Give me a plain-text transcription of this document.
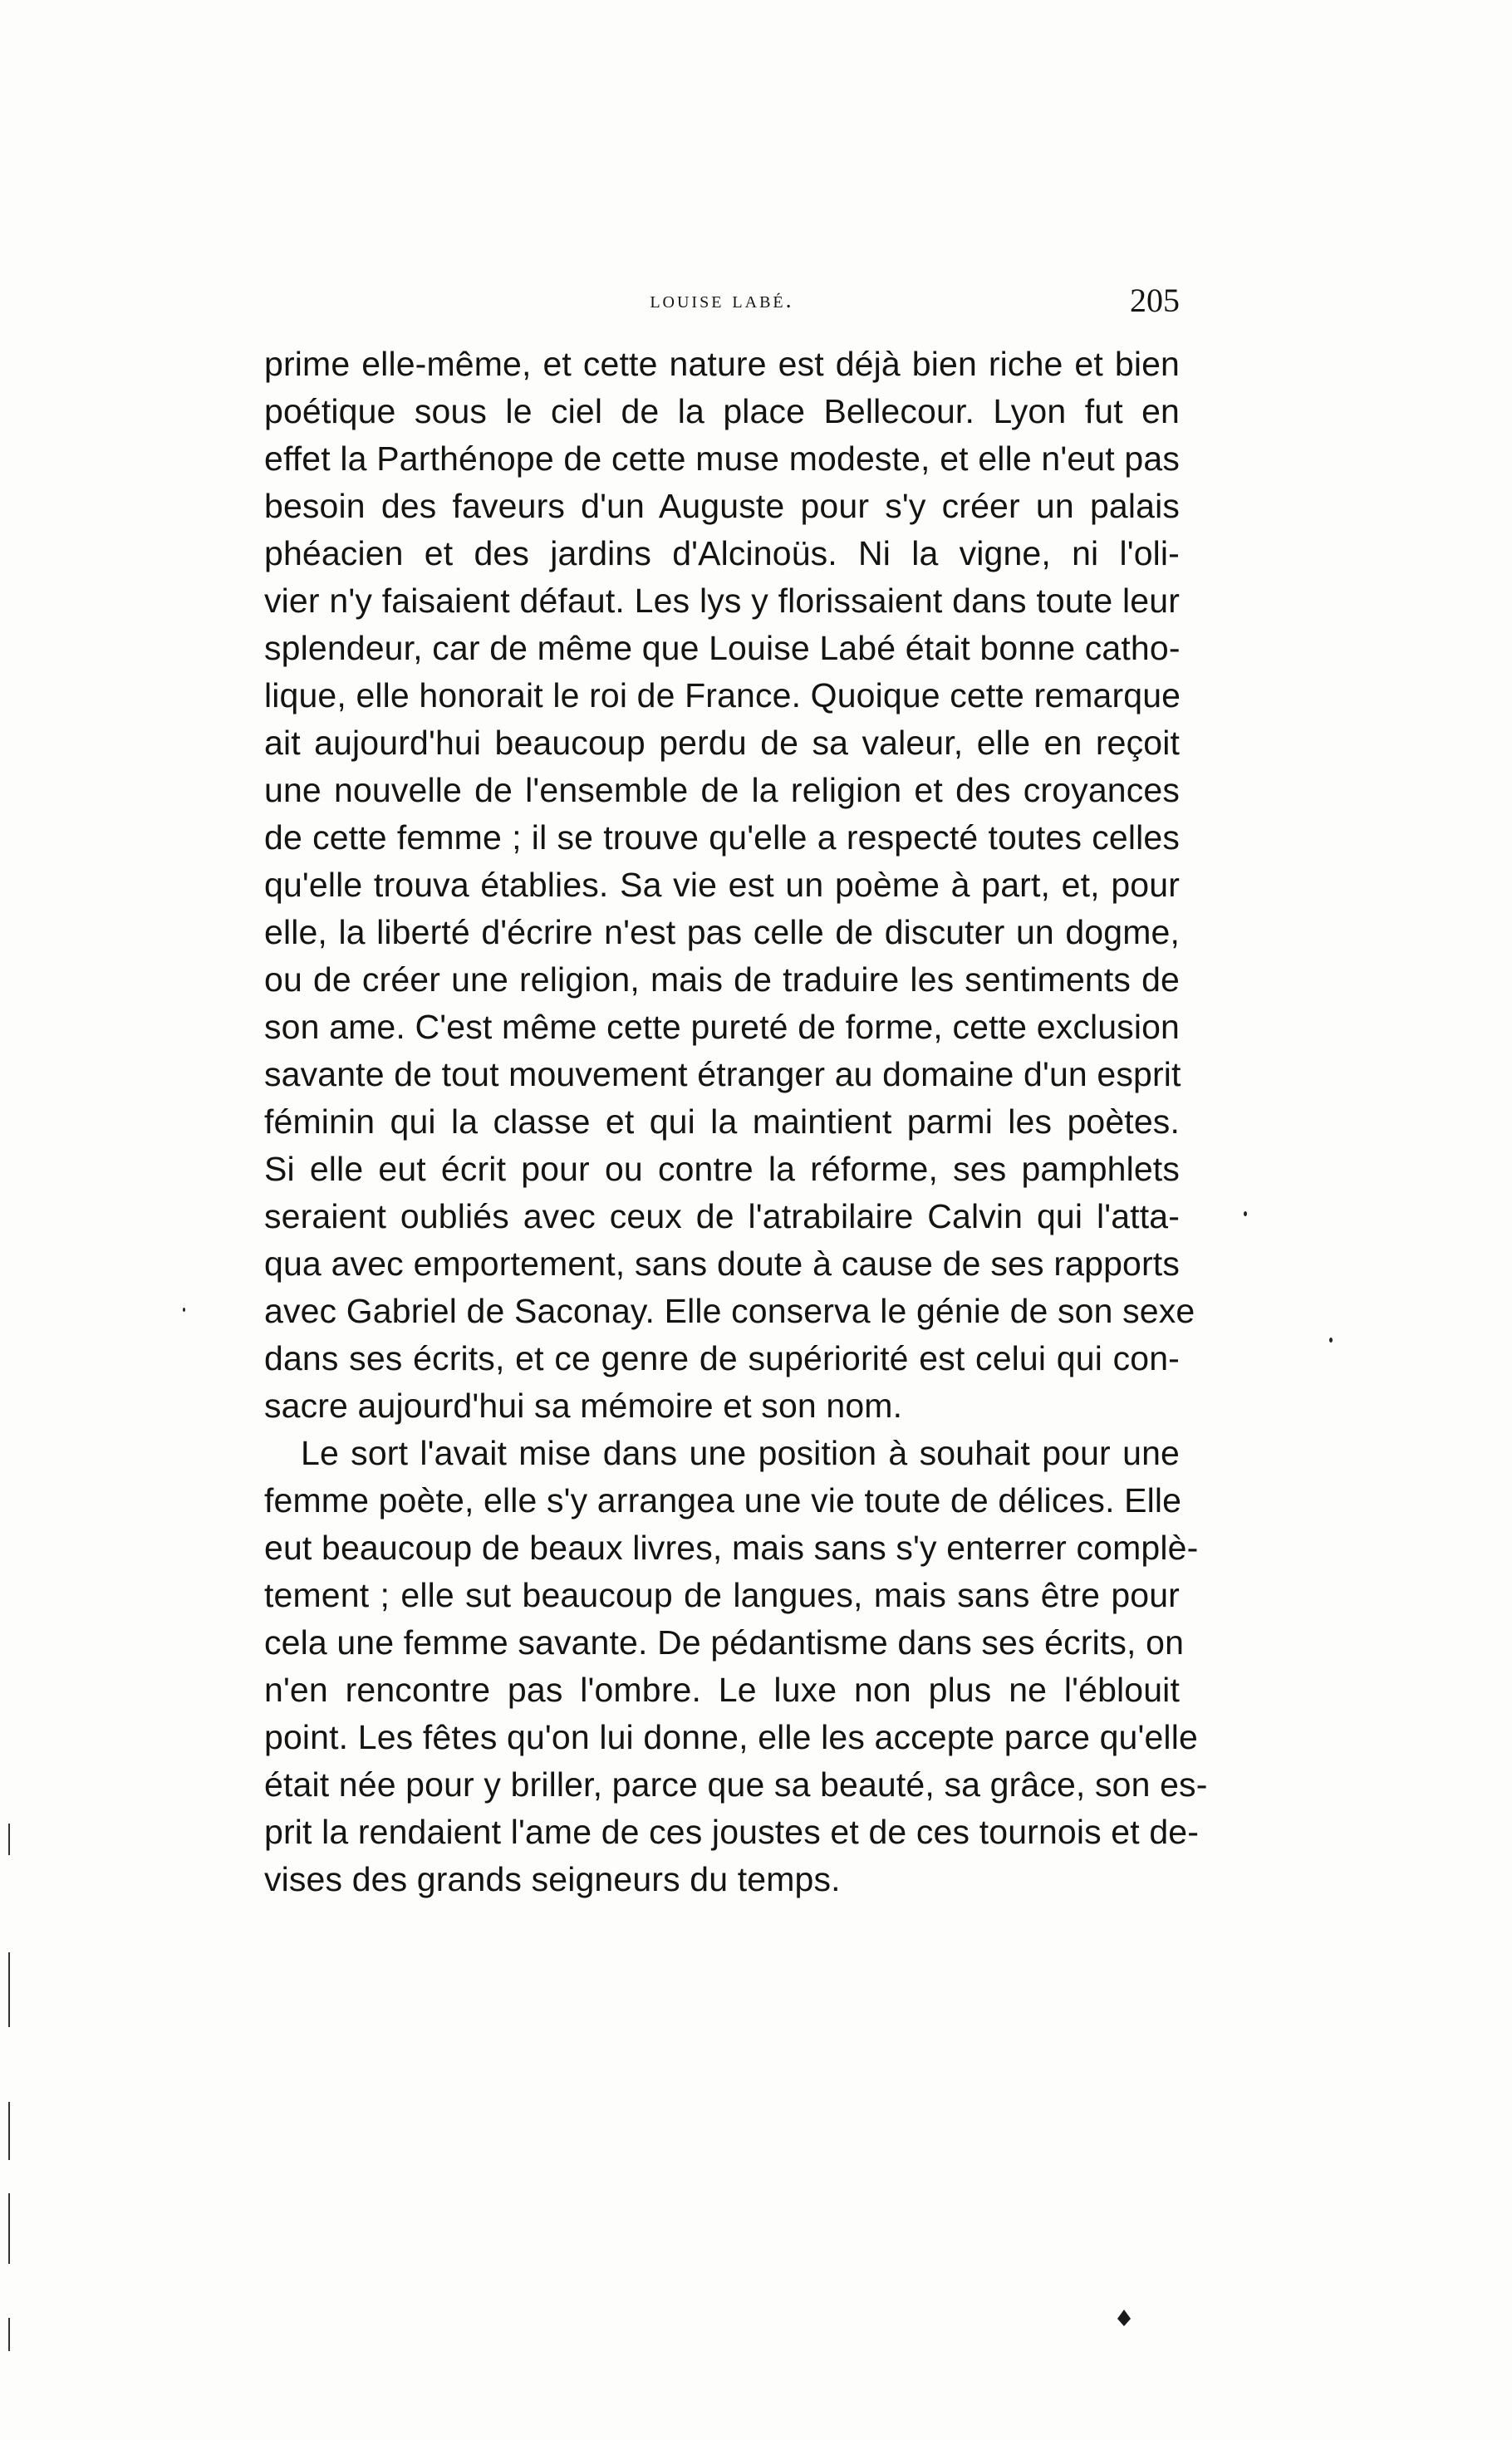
louise labé.	205
prime elle-même, et cette nature est déjà bien riche et bien
poétique sous le ciel de la place Bellecour. Lyon fut en
effet la Parthénope de cette muse modeste, et elle n'eut pas
besoin des faveurs d'un Auguste pour s'y créer un palais
phéacien et des jardins d'Alcinoüs. Ni la vigne, ni l'oli-
vier n'y faisaient défaut. Les lys y florissaient dans toute leur
splendeur, car de même que Louise Labé était bonne catho-
lique, elle honorait le roi de France. Quoique cette remarque
ait aujourd'hui beaucoup perdu de sa valeur, elle en reçoit
une nouvelle de l'ensemble de la religion et des croyances
de cette femme ; il se trouve qu'elle a respecté toutes celles
qu'elle trouva établies. Sa vie est un poème à part, et, pour
elle, la liberté d'écrire n'est pas celle de discuter un dogme,
ou de créer une religion, mais de traduire les sentiments de
son ame. C'est même cette pureté de forme, cette exclusion
savante de tout mouvement étranger au domaine d'un esprit
féminin qui la classe et qui la maintient parmi les poètes.
Si elle eut écrit pour ou contre la réforme, ses pamphlets
seraient oubliés avec ceux de l'atrabilaire Calvin qui l'atta-
qua avec emportement, sans doute à cause de ses rapports
avec Gabriel de Saconay. Elle conserva le génie de son sexe
dans ses écrits, et ce genre de supériorité est celui qui con-
sacre aujourd'hui sa mémoire et son nom.
Le sort l'avait mise dans une position à souhait pour une
femme poète, elle s'y arrangea une vie toute de délices. Elle
eut beaucoup de beaux livres, mais sans s'y enterrer complè-
tement ; elle sut beaucoup de langues, mais sans être pour
cela une femme savante. De pédantisme dans ses écrits, on
n'en rencontre pas l'ombre. Le luxe non plus ne l'éblouit
point. Les fêtes qu'on lui donne, elle les accepte parce qu'elle
était née pour y briller, parce que sa beauté, sa grâce, son es-
prit la rendaient l'ame de ces joustes et de ces tournois et de-
vises des grands seigneurs du temps.
